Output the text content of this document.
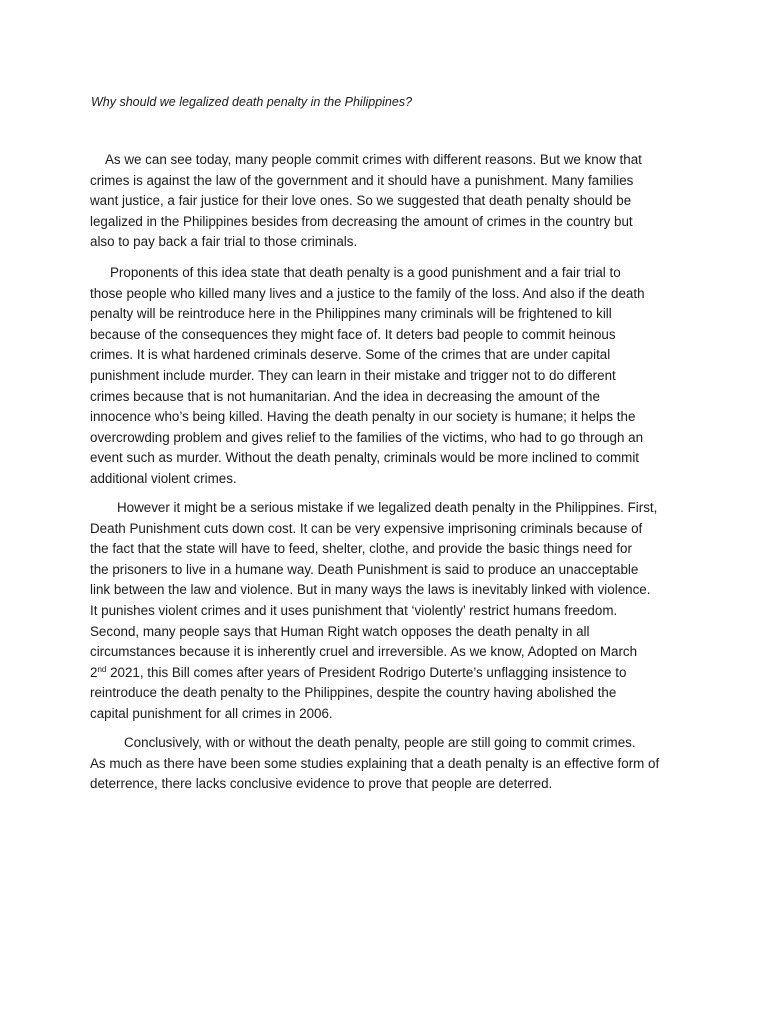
Why should we legalized death penalty in the Philippines?

As we can see today, many people commit crimes with different reasons. But we know that
crimes is against the law of the government and it should have a punishment. Many families
want justice, a fair justice for their love ones. So we suggested that death penalty should be
legalized in the Philippines besides from decreasing the amount of crimes in the country but
also to pay back a fair trial to those criminals.

Proponents of this idea state that death penalty is a good punishment and a fair trial to
those people who killed many lives and a justice to the family of the loss. And also if the death
penalty will be reintroduce here in the Philippines many criminals will be frightened to kill
because of the consequences they might face of. It deters bad people to commit heinous
crimes. It is what hardened criminals deserve. Some of the crimes that are under capital
punishment include murder. They can learn in their mistake and trigger not to do different
crimes because that is not humanitarian. And the idea in decreasing the amount of the
innocence who’s being killed. Having the death penalty in our society is humane; it helps the
overcrowding problem and gives relief to the families of the victims, who had to go through an
event such as murder. Without the death penalty, criminals would be more inclined to commit
additional violent crimes.

However it might be a serious mistake if we legalized death penalty in the Philippines. First,
Death Punishment cuts down cost. It can be very expensive imprisoning criminals because of
the fact that the state will have to feed, shelter, clothe, and provide the basic things need for
the prisoners to live in a humane way. Death Punishment is said to produce an unacceptable
link between the law and violence. But in many ways the laws is inevitably linked with violence.
It punishes violent crimes and it uses punishment that ‘violently’ restrict humans freedom.
Second, many people says that Human Right watch opposes the death penalty in all
circumstances because it is inherently cruel and irreversible. As we know, Adopted on March
2nd 2021, this Bill comes after years of President Rodrigo Duterte’s unflagging insistence to
reintroduce the death penalty to the Philippines, despite the country having abolished the
capital punishment for all crimes in 2006.

Conclusively, with or without the death penalty, people are still going to commit crimes.
As much as there have been some studies explaining that a death penalty is an effective form of
deterrence, there lacks conclusive evidence to prove that people are deterred.
